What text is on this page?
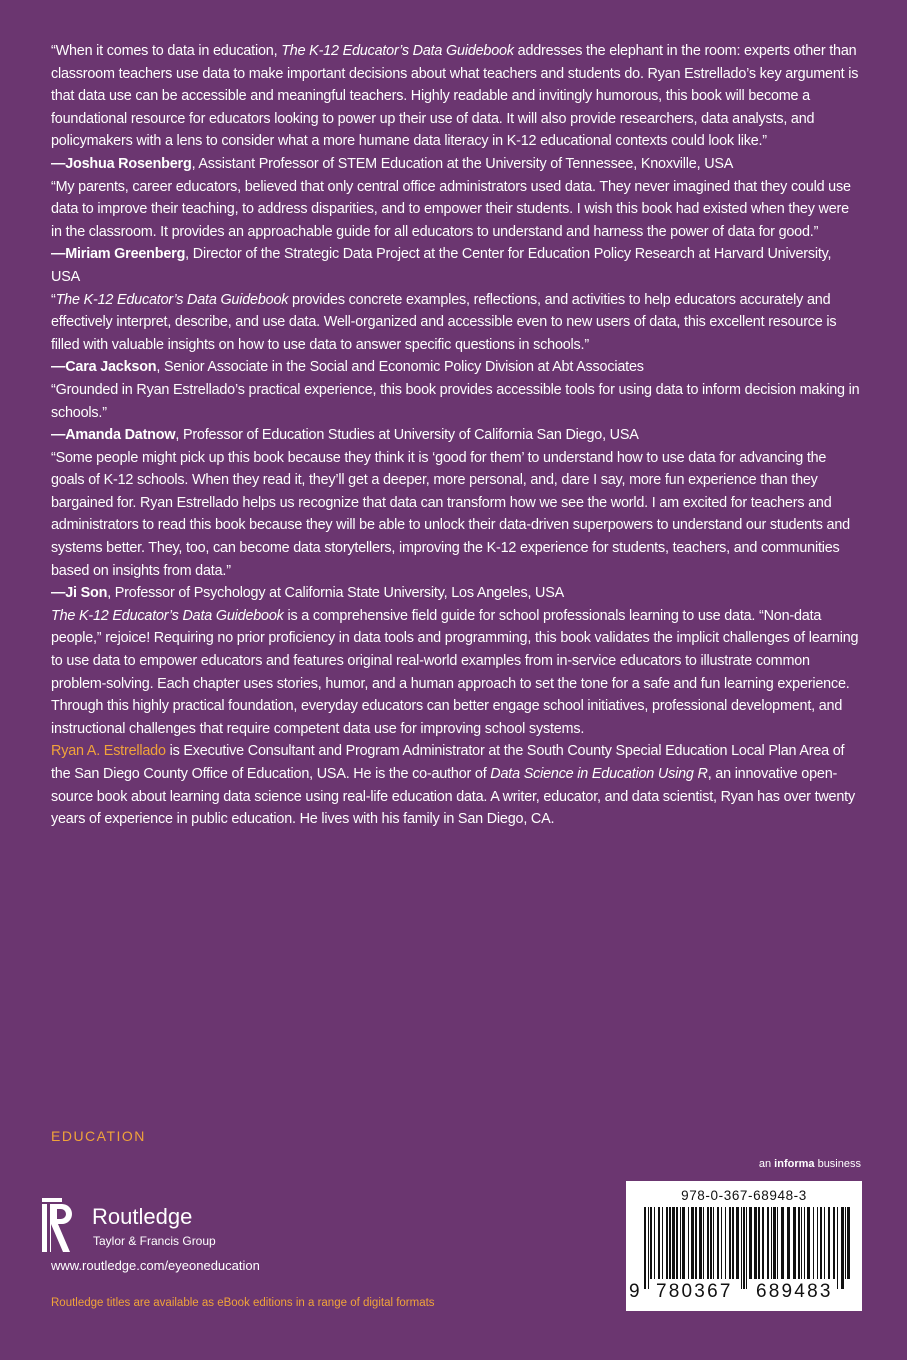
“When it comes to data in education, The K-12 Educator’s Data Guidebook addresses the elephant in the room: experts other than classroom teachers use data to make important decisions about what teachers and students do. Ryan Estrellado’s key argument is that data use can be accessible and meaningful teachers. Highly readable and invitingly humorous, this book will become a foundational resource for educators looking to power up their use of data. It will also provide researchers, data analysts, and policymakers with a lens to consider what a more humane data literacy in K-12 educational contexts could look like.”
—Joshua Rosenberg, Assistant Professor of STEM Education at the University of Tennessee, Knoxville, USA

“My parents, career educators, believed that only central office administrators used data. They never imagined that they could use data to improve their teaching, to address disparities, and to empower their students. I wish this book had existed when they were in the classroom. It provides an approachable guide for all educators to understand and harness the power of data for good.”
—Miriam Greenberg, Director of the Strategic Data Project at the Center for Education Policy Research at Harvard University, USA

“The K-12 Educator’s Data Guidebook provides concrete examples, reflections, and activities to help educators accurately and effectively interpret, describe, and use data. Well-organized and accessible even to new users of data, this excellent resource is filled with valuable insights on how to use data to answer specific questions in schools.”
—Cara Jackson, Senior Associate in the Social and Economic Policy Division at Abt Associates

“Grounded in Ryan Estrellado’s practical experience, this book provides accessible tools for using data to inform decision making in schools.”
—Amanda Datnow, Professor of Education Studies at University of California San Diego, USA

“Some people might pick up this book because they think it is ‘good for them’ to understand how to use data for advancing the goals of K-12 schools. When they read it, they’ll get a deeper, more personal, and, dare I say, more fun experience than they bargained for. Ryan Estrellado helps us recognize that data can transform how we see the world. I am excited for teachers and administrators to read this book because they will be able to unlock their data-driven superpowers to understand our students and systems better. They, too, can become data storytellers, improving the K-12 experience for students, teachers, and communities based on insights from data.”
—Ji Son, Professor of Psychology at California State University, Los Angeles, USA

The K-12 Educator’s Data Guidebook is a comprehensive field guide for school professionals learning to use data. “Non-data people,” rejoice! Requiring no prior proficiency in data tools and programming, this book validates the implicit challenges of learning to use data to empower educators and features original real-world examples from in-service educators to illustrate common problem-solving. Each chapter uses stories, humor, and a human approach to set the tone for a safe and fun learning experience. Through this highly practical foundation, everyday educators can better engage school initiatives, professional development, and instructional challenges that require competent data use for improving school systems.

Ryan A. Estrellado is Executive Consultant and Program Administrator at the South County Special Education Local Plan Area of the San Diego County Office of Education, USA. He is the co-author of Data Science in Education Using R, an innovative open-source book about learning data science using real-life education data. A writer, educator, and data scientist, Ryan has over twenty years of experience in public education. He lives with his family in San Diego, CA.

EDUCATION
an informa business
Routledge
Taylor & Francis Group
www.routledge.com/eyeoneducation
Routledge titles are available as eBook editions in a range of digital formats
978-0-367-68948-3
9 780367 689483
